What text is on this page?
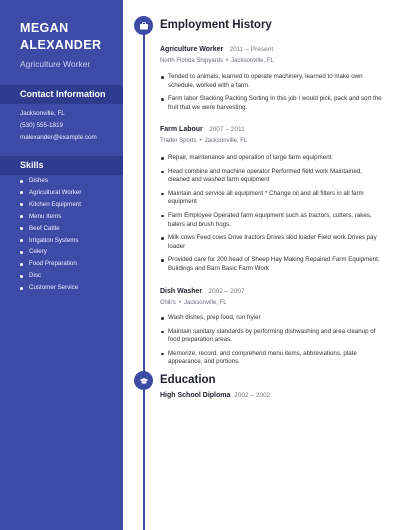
MEGAN
ALEXANDER
Agriculture Worker
Contact Information
Jacksonville, FL
(530) 555-1819
malexander@example.com
Skills
Dishes
Agricultural Worker
Kitchen Equipment
Menu Items
Beef Cattle
Irrigation Systems
Celery
Food Preparation
Disc
Customer Service
Employment History
Agriculture Worker 2011 – Present
North Florida Shipyards • Jacksonville, FL
Tended to animals, learned to operate machinery, learned to make own schedule, worked with a farm.
Farm labor Stacking Packing Sorting In this job I would pick, pack and sort the fruit that we were harvesting.
Farm Labour 2007 – 2011
Trader Sports • Jacksonville, FL
Repair, maintenance and operation of large farm equipment.
Head combine and machine operator Performed field work Maintained, cleaned and washed farm equipment
Maintain and service all equipment * Change oil and all filters in all farm equipment
Farm Employee Operated farm equipment such as tractors, cutters, rakes, balers and brush hogs.
Milk cows Feed cows Drive tractors Drives skid loader Field work Drives pay loader
Provided care for 200 head of Sheep Hay Making Repaired Farm Equipment, Buildings and Barn Basic Farm Work
Dish Washer 2002 – 2007
Chili's • Jacksonville, FL
Wash dishes, prep food, run fryier
Maintain sanitary standards by performing dishwashing and area cleanup of food preparation areas.
Memorize, record, and comprehend menu items, abbreviations, plate appearance, and portions.
Education
High School Diploma 2002 – 2002
